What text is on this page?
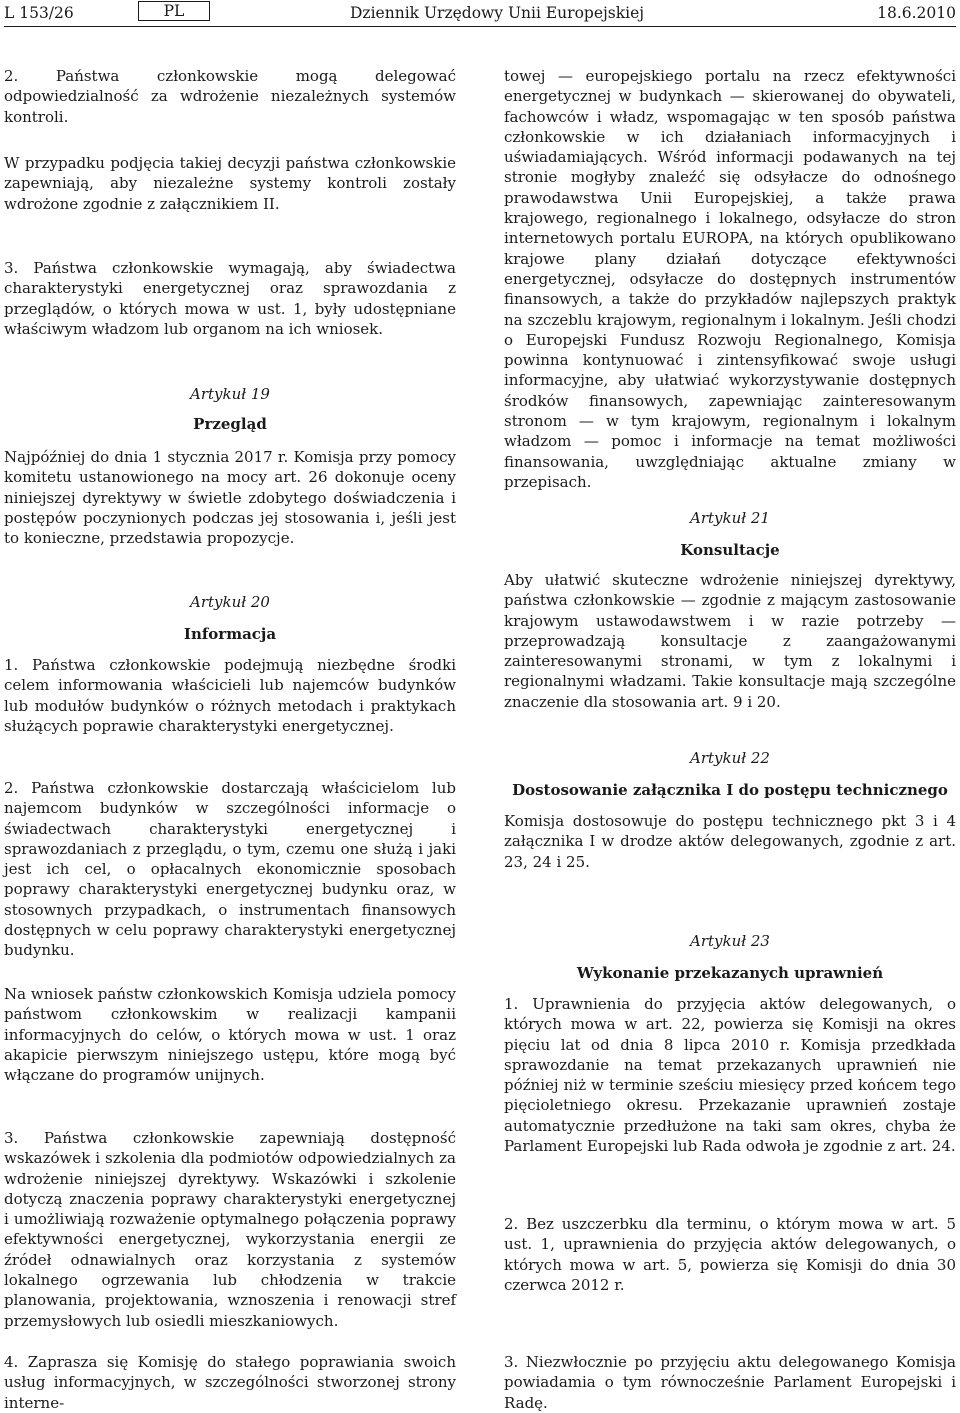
L 153/26	PL	Dziennik Urzędowy Unii Europejskiej	18.6.2010

2. Państwa członkowskie mogą delegować odpowiedzialność za wdrożenie niezależnych systemów kontroli.

W przypadku podjęcia takiej decyzji państwa członkowskie zapewniają, aby niezależne systemy kontroli zostały wdrożone zgodnie z załącznikiem II.

3. Państwa członkowskie wymagają, aby świadectwa charakterystyki energetycznej oraz sprawozdania z przeglądów, o których mowa w ust. 1, były udostępniane właściwym władzom lub organom na ich wniosek.

Artykuł 19
Przegląd

Najpóźniej do dnia 1 stycznia 2017 r. Komisja przy pomocy komitetu ustanowionego na mocy art. 26 dokonuje oceny niniejszej dyrektywy w świetle zdobytego doświadczenia i postępów poczynionych podczas jej stosowania i, jeśli jest to konieczne, przedstawia propozycje.

Artykuł 20
Informacja

1. Państwa członkowskie podejmują niezbędne środki celem informowania właścicieli lub najemców budynków lub modułów budynków o różnych metodach i praktykach służących poprawie charakterystyki energetycznej.

2. Państwa członkowskie dostarczają właścicielom lub najemcom budynków w szczególności informacje o świadectwach charakterystyki energetycznej i sprawozdaniach z przeglądu, o tym, czemu one służą i jaki jest ich cel, o opłacalnych ekonomicznie sposobach poprawy charakterystyki energetycznej budynku oraz, w stosownych przypadkach, o instrumentach finansowych dostępnych w celu poprawy charakterystyki energetycznej budynku.

Na wniosek państw członkowskich Komisja udziela pomocy państwom członkowskim w realizacji kampanii informacyjnych do celów, o których mowa w ust. 1 oraz akapicie pierwszym niniejszego ustępu, które mogą być włączane do programów unijnych.

3. Państwa członkowskie zapewniają dostępność wskazówek i szkolenia dla podmiotów odpowiedzialnych za wdrożenie niniejszej dyrektywy. Wskazówki i szkolenie dotyczą znaczenia poprawy charakterystyki energetycznej i umożliwiają rozważenie optymalnego połączenia poprawy efektywności energetycznej, wykorzystania energii ze źródeł odnawialnych oraz korzystania z systemów lokalnego ogrzewania lub chłodzenia w trakcie planowania, projektowania, wznoszenia i renowacji stref przemysłowych lub osiedli mieszkaniowych.

4. Zaprasza się Komisję do stałego poprawiania swoich usług informacyjnych, w szczególności stworzonej strony interne-

towej — europejskiego portalu na rzecz efektywności energetycznej w budynkach — skierowanej do obywateli, fachowców i władz, wspomagając w ten sposób państwa członkowskie w ich działaniach informacyjnych i uświadamiających. Wśród informacji podawanych na tej stronie mogłyby znaleźć się odsyłacze do odnośnego prawodawstwa Unii Europejskiej, a także prawa krajowego, regionalnego i lokalnego, odsyłacze do stron internetowych portalu EUROPA, na których opublikowano krajowe plany działań dotyczące efektywności energetycznej, odsyłacze do dostępnych instrumentów finansowych, a także do przykładów najlepszych praktyk na szczeblu krajowym, regionalnym i lokalnym. Jeśli chodzi o Europejski Fundusz Rozwoju Regionalnego, Komisja powinna kontynuować i zintensyfikować swoje usługi informacyjne, aby ułatwiać wykorzystywanie dostępnych środków finansowych, zapewniając zainteresowanym stronom — w tym krajowym, regionalnym i lokalnym władzom — pomoc i informacje na temat możliwości finansowania, uwzględniając aktualne zmiany w przepisach.

Artykuł 21
Konsultacje

Aby ułatwić skuteczne wdrożenie niniejszej dyrektywy, państwa członkowskie — zgodnie z mającym zastosowanie krajowym ustawodawstwem i w razie potrzeby — przeprowadzają konsultacje z zaangażowanymi zainteresowanymi stronami, w tym z lokalnymi i regionalnymi władzami. Takie konsultacje mają szczególne znaczenie dla stosowania art. 9 i 20.

Artykuł 22
Dostosowanie załącznika I do postępu technicznego

Komisja dostosowuje do postępu technicznego pkt 3 i 4 załącznika I w drodze aktów delegowanych, zgodnie z art. 23, 24 i 25.

Artykuł 23
Wykonanie przekazanych uprawnień

1. Uprawnienia do przyjęcia aktów delegowanych, o których mowa w art. 22, powierza się Komisji na okres pięciu lat od dnia 8 lipca 2010 r. Komisja przedkłada sprawozdanie na temat przekazanych uprawnień nie później niż w terminie sześciu miesięcy przed końcem tego pięcioletniego okresu. Przekazanie uprawnień zostaje automatycznie przedłużone na taki sam okres, chyba że Parlament Europejski lub Rada odwoła je zgodnie z art. 24.

2. Bez uszczerbku dla terminu, o którym mowa w art. 5 ust. 1, uprawnienia do przyjęcia aktów delegowanych, o których mowa w art. 5, powierza się Komisji do dnia 30 czerwca 2012 r.

3. Niezwłocznie po przyjęciu aktu delegowanego Komisja powiadamia o tym równocześnie Parlament Europejski i Radę.
